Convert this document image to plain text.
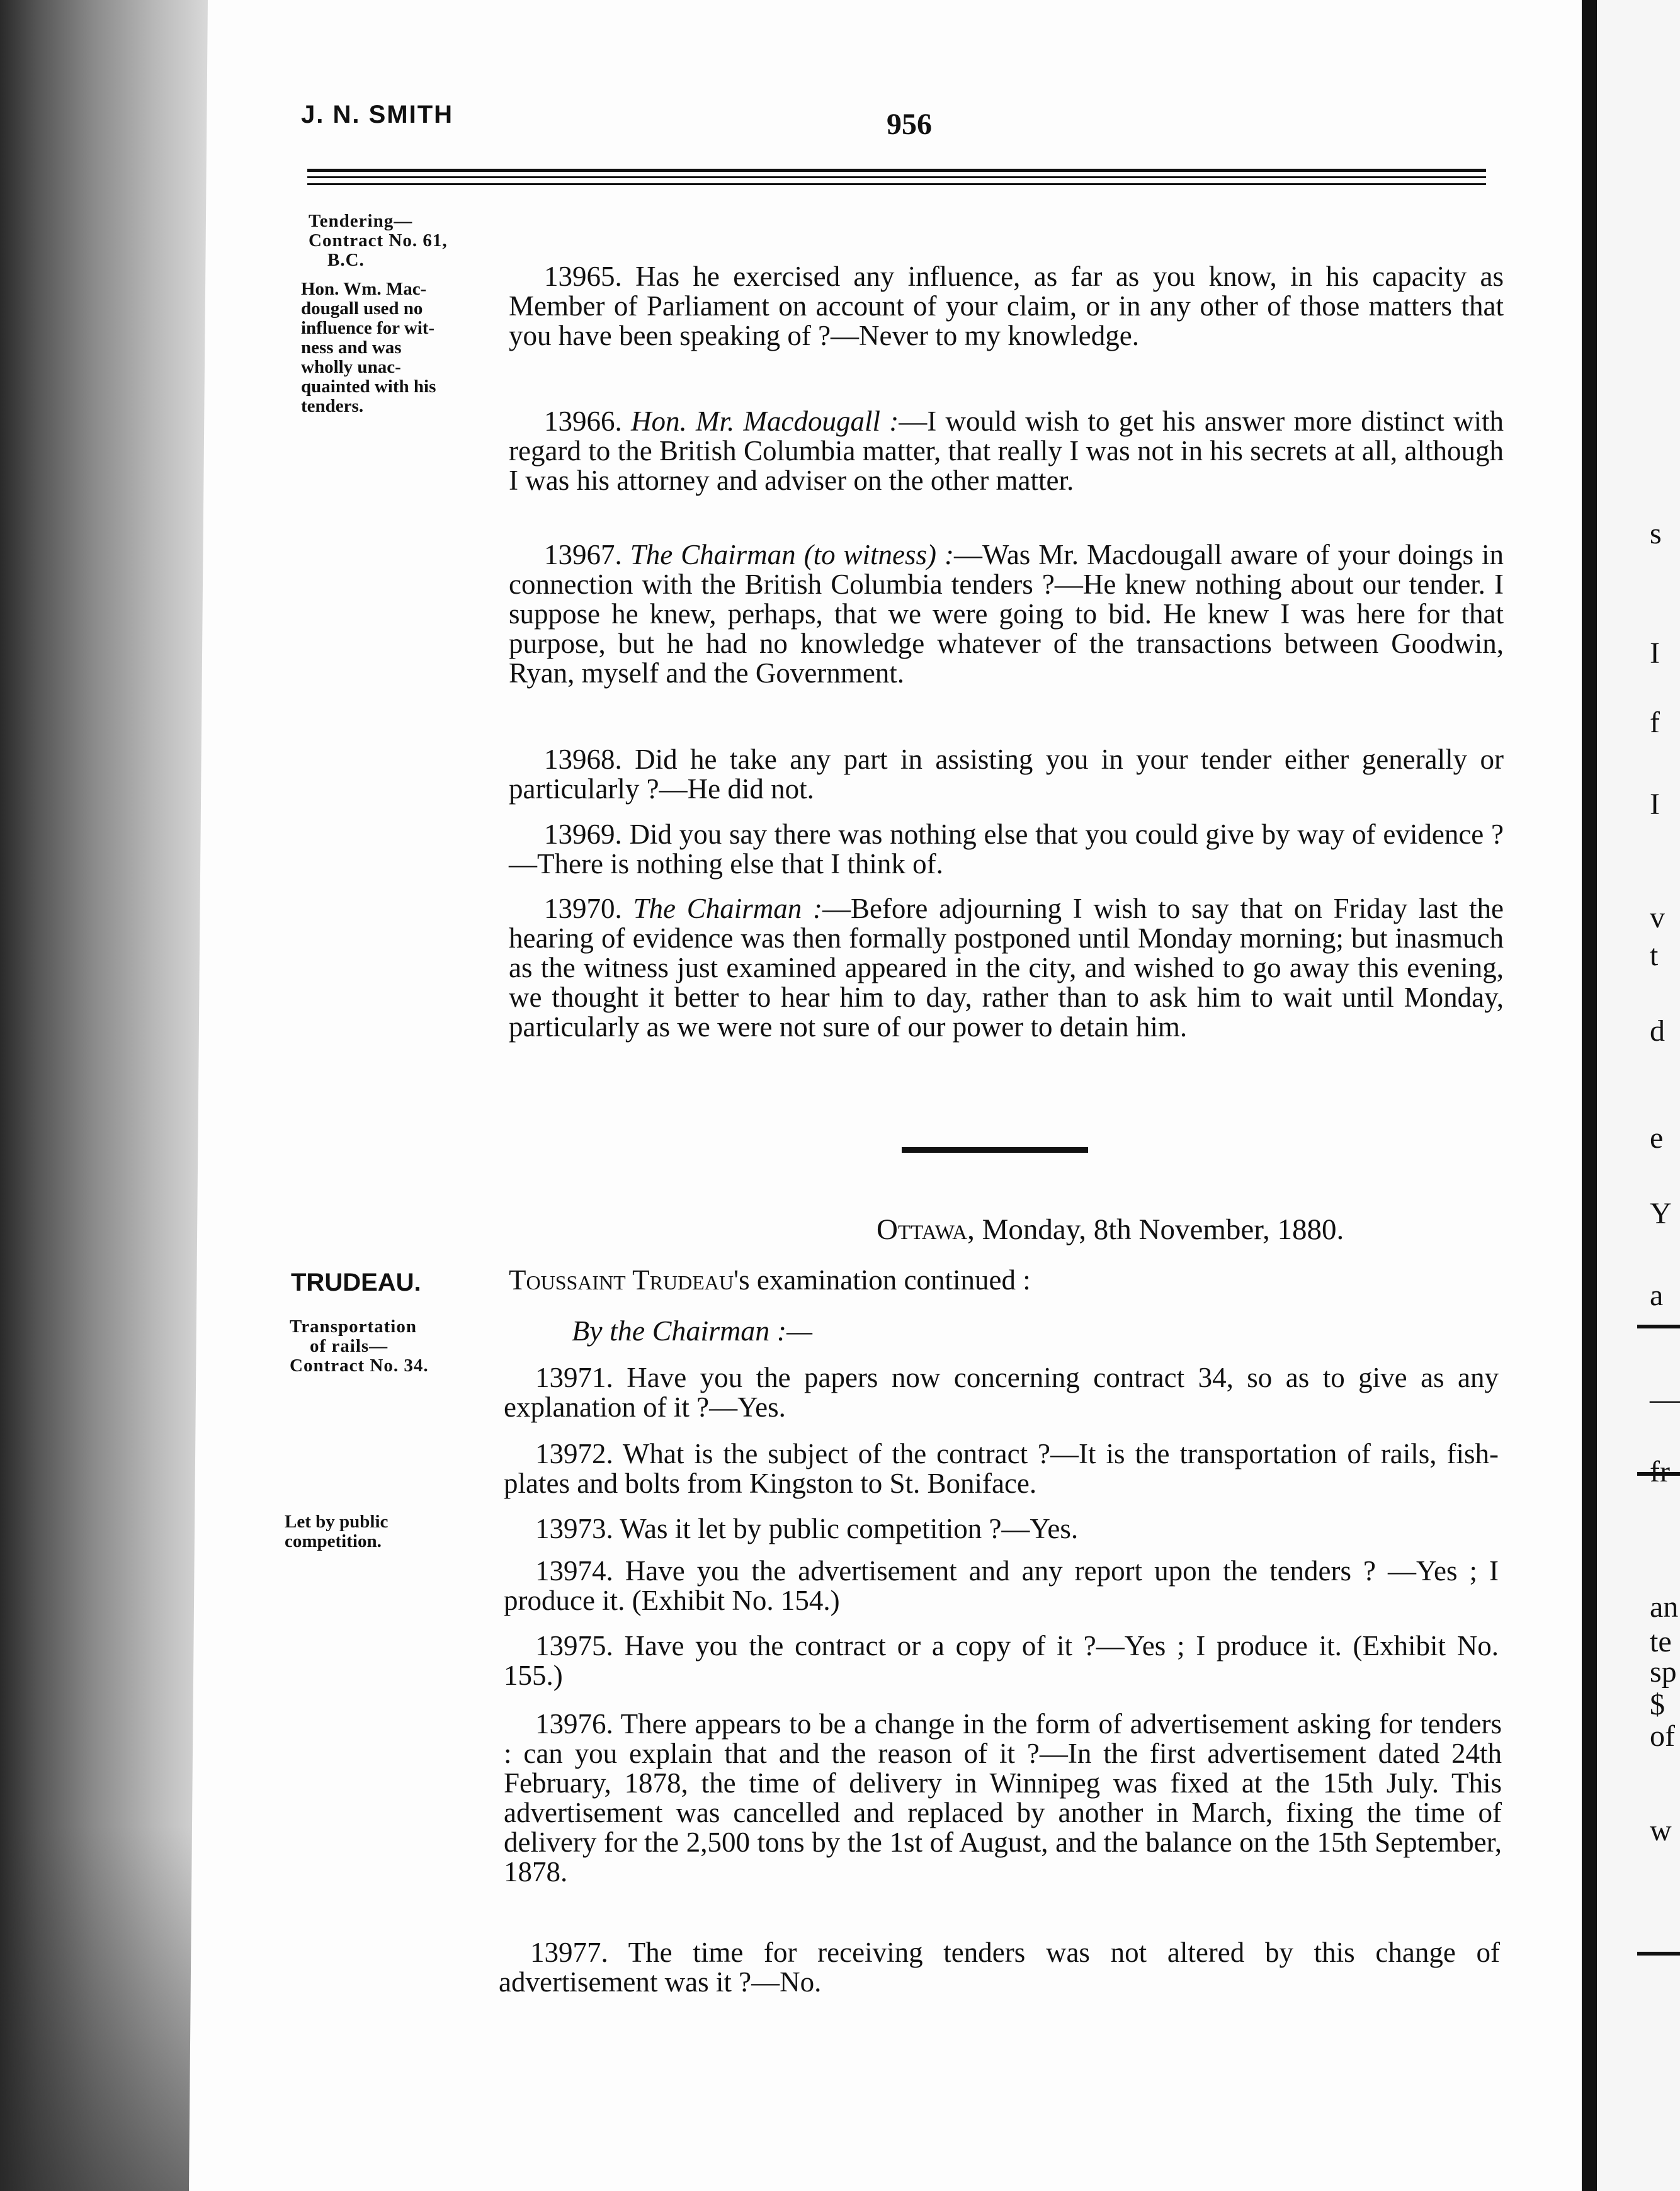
s
I
f
I
v
t
d
e
Y
a
—
an
te
sp
$
of
w
J. N. SMITH	956
Tendering—
Contract No. 61,
B.C.
Hon. Wm. Mac-
dougall used no
influence for wit-
ness and was
wholly unac-
quainted with his
tenders.
TRUDEAU.
Transportation
of rails—
Contract No. 34.
Let by public
competition.
13965. Has he exercised any influence, as far as you know, in his capacity as Member of Parliament on account of your claim, or in any other of those matters that you have been speaking of ?—Never to my knowledge.
13966. Hon. Mr. Macdougall :—I would wish to get his answer more distinct with regard to the British Columbia matter, that really I was not in his secrets at all, although I was his attorney and adviser on the other matter.
13967. The Chairman (to witness) :—Was Mr. Macdougall aware of your doings in connection with the British Columbia tenders ?—He knew nothing about our tender. I suppose he knew, perhaps, that we were going to bid. He knew I was here for that purpose, but he had no knowledge whatever of the transactions between Goodwin, Ryan, myself and the Government.
13968. Did he take any part in assisting you in your tender either generally or particularly ?—He did not.
13969. Did you say there was nothing else that you could give by way of evidence ?—There is nothing else that I think of.
13970. The Chairman :—Before adjourning I wish to say that on Friday last the hearing of evidence was then formally postponed until Monday morning; but inasmuch as the witness just examined appeared in the city, and wished to go away this evening, we thought it better to hear him to day, rather than to ask him to wait until Monday, particularly as we were not sure of our power to detain him.
Ottawa, Monday, 8th November, 1880.
Toussaint Trudeau's examination continued :
By the Chairman :—
13971. Have you the papers now concerning contract 34, so as to give as any explanation of it ?—Yes.
13972. What is the subject of the contract ?—It is the transportation of rails, fish-plates and bolts from Kingston to St. Boniface.
13973. Was it let by public competition ?—Yes.
13974. Have you the advertisement and any report upon the tenders ? —Yes ; I produce it. (Exhibit No. 154.)
13975. Have you the contract or a copy of it ?—Yes ; I produce it. (Exhibit No. 155.)
13976. There appears to be a change in the form of advertisement asking for tenders : can you explain that and the reason of it ?—In the first advertisement dated 24th February, 1878, the time of delivery in Winnipeg was fixed at the 15th July. This advertisement was cancelled and replaced by another in March, fixing the time of delivery for the 2,500 tons by the 1st of August, and the balance on the 15th September, 1878.
13977. The time for receiving tenders was not altered by this change of advertisement was it ?—No.
